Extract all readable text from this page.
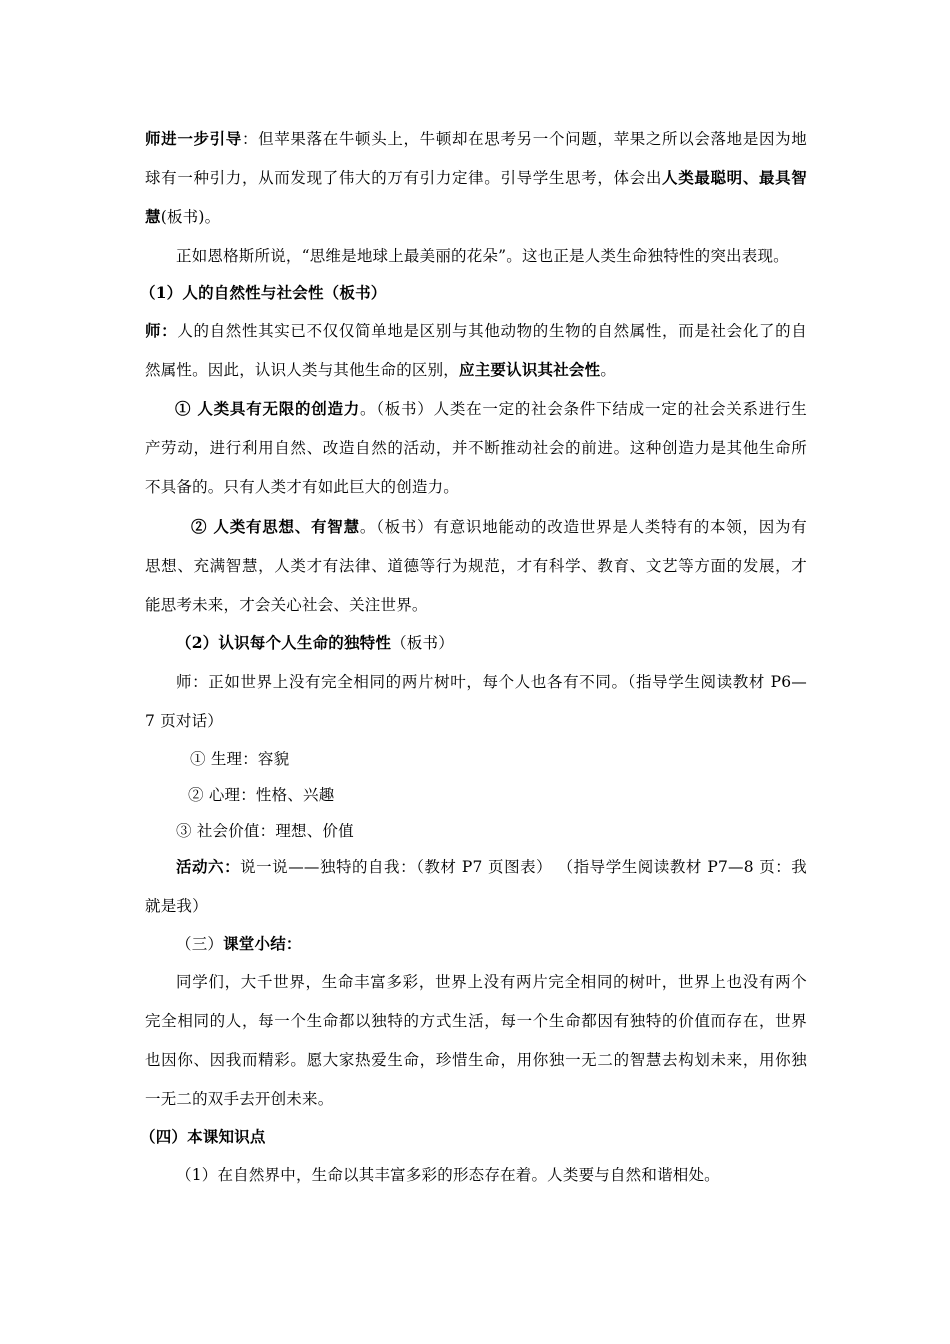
师进一步引导：但苹果落在牛顿头上，牛顿却在思考另一个问题，苹果之所以会落地是因为地
球有一种引力，从而发现了伟大的万有引力定律。引导学生思考，体会出人类最聪明、最具智
慧(板书)。
正如恩格斯所说，“思维是地球上最美丽的花朵”。这也正是人类生命独特性的突出表现。
（1）人的自然性与社会性（板书）
师：人的自然性其实已不仅仅简单地是区别与其他动物的生物的自然属性，而是社会化了的自
然属性。因此，认识人类与其他生命的区别，应主要认识其社会性。
① 人类具有无限的创造力。（板书）人类在一定的社会条件下结成一定的社会关系进行生
产劳动，进行利用自然、改造自然的活动，并不断推动社会的前进。这种创造力是其他生命所
不具备的。只有人类才有如此巨大的创造力。
② 人类有思想、有智慧。（板书）有意识地能动的改造世界是人类特有的本领，因为有
思想、充满智慧，人类才有法律、道德等行为规范，才有科学、教育、文艺等方面的发展，才
能思考未来，才会关心社会、关注世界。
（2）认识每个人生命的独特性（板书）
师：正如世界上没有完全相同的两片树叶，每个人也各有不同。（指导学生阅读教材 P6—
7 页对话）
① 生理：容貌
② 心理：性格、兴趣
③ 社会价值：理想、价值
活动六：说一说——独特的自我：（教材 P7 页图表） （指导学生阅读教材 P7—8 页：我
就是我）
（三）课堂小结：
同学们，大千世界，生命丰富多彩，世界上没有两片完全相同的树叶，世界上也没有两个
完全相同的人，每一个生命都以独特的方式生活，每一个生命都因有独特的价值而存在，世界
也因你、因我而精彩。愿大家热爱生命，珍惜生命，用你独一无二的智慧去构划未来，用你独
一无二的双手去开创未来。
（四）本课知识点
（1）在自然界中，生命以其丰富多彩的形态存在着。人类要与自然和谐相处。
